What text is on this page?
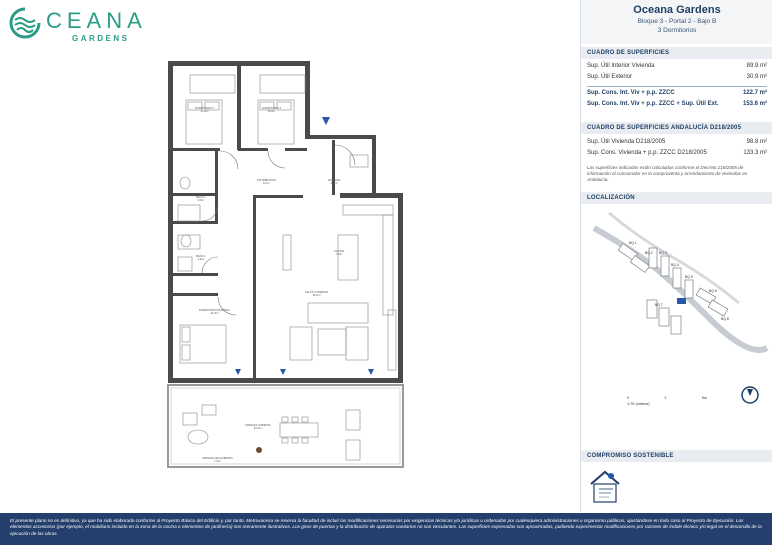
CEANA
GARDENS
DORMITORIO 2
10.9m²
DORMITORIO 3
10.4m²
DISTRIBUIDOR
6.1m²
ENTRADA
4.7m²
BAÑO 2
3.6m²
BAÑO 1
4.3m²
COCINA
7.9m²
SALÓN COMEDOR
30.2m²
DORMITORIO PRINCIPAL
14.3m²
TERRAZA CUBIERTA
23.6m²
TERRAZA DESCUBIERTA
7.3m²
Oceana Gardens
Bloque 3 - Portal 2 - Bajo B
3 Dormitorios
CUADRO DE SUPERFICIES
Sup. Útil Interior Vivienda	89.9 m²
Sup. Útil Exterior	30.9 m²
Sup. Cons. Int. Viv + p.p. ZZCC	122.7 m²
Sup. Cons. Int. Viv + p.p. ZZCC + Sup. Útil Ext.	153.6 m²
CUADRO DE SUPERFICIES ANDALUCÍA D218/2005
Sup. Útil Vivienda D218/2005	98.8 m²
Sup. Cons. Vivienda + p.p. ZZCC D218/2005	133.3 m²
Las superficies indicadas están calculadas conforme al Decreto 218/2005 de información al consumidor en la compraventa y arrendamiento de viviendas en Andalucía.
LOCALIZACIÓN
BQ.1
BQ.2 BQ.3
BQ.4
BQ.5
BQ.6
BQ.7
BQ.8
0	2	5m
1:75 (metros)
COMPROMISO SOSTENIBLE
El presente plano no es definitivo, ya que ha sido elaborado conforme al Proyecto Básico del Edificio y, por tanto, Metrovacesa se reserva la facultad de incluir las modificaciones necesarias por exigencias técnicas y/o jurídicas u ordenadas por cualesquiera administraciones u organismo públicos, ajustándose en todo caso al Proyecto de Ejecución. Los elementos accesorios (por ejemplo, el mobiliario incluido en la zona de la cocina o elementos de jardinería) son meramente ilustrativos. Los giros de puertas y la distribución de aparatos sanitarios no son vinculantes. Las superficies expresadas son aproximadas, pudiendo experimentar modificaciones por razones de índole técnico y/o legal en el desarrollo de la ejecución de las obras.
